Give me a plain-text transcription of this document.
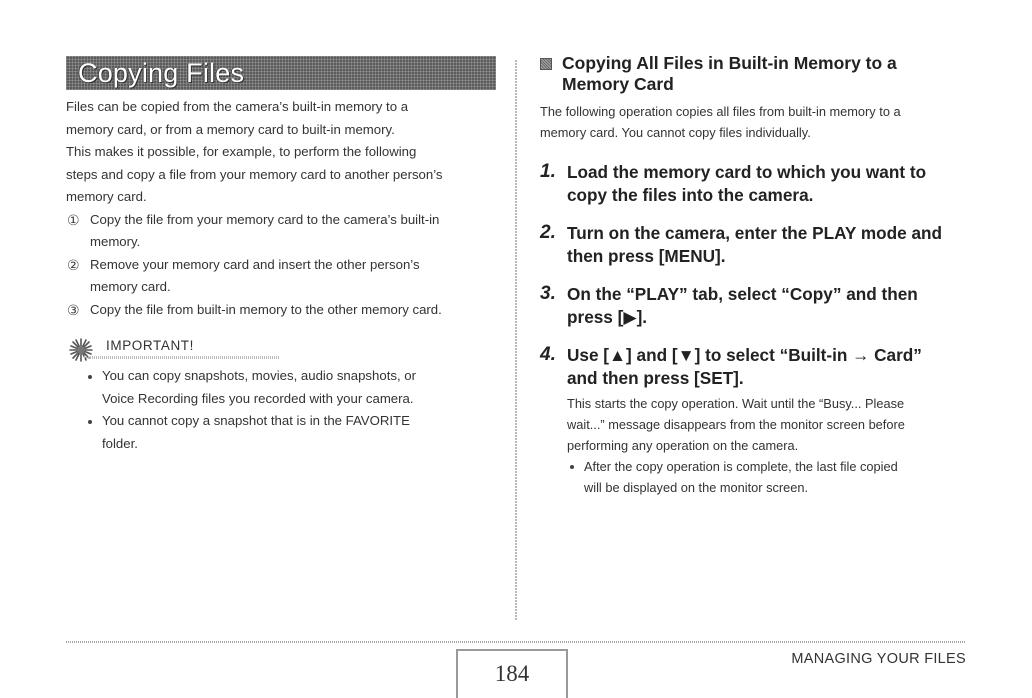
Copying Files

Files can be copied from the camera’s built-in memory to a

memory card, or from a memory card to built-in memory.

This makes it possible, for example, to perform the following

steps and copy a file from your memory card to another person’s

memory card.

① Copy the file from your memory card to the camera’s built-in
memory.
② Remove your memory card and insert the other person’s
memory card.
③ Copy the file from built-in memory to the other memory card.
IMPORTANT!
You can copy snapshots, movies, audio snapshots, or
Voice Recording files you recorded with your camera.
You cannot copy a snapshot that is in the FAVORITE
folder.
Copying All Files in Built-in Memory to a
Memory Card
The following operation copies all files from built-in memory to a
memory card. You cannot copy files individually.
1. Load the memory card to which you want to
copy the files into the camera.
2. Turn on the camera, enter the PLAY mode and
then press [MENU].
3. On the “PLAY” tab, select “Copy” and then
press [▶].
4. Use [▲] and [▼] to select “Built-in → Card”
and then press [SET].
This starts the copy operation. Wait until the “Busy... Please
wait...” message disappears from the monitor screen before
performing any operation on the camera.
After the copy operation is complete, the last file copied
will be displayed on the monitor screen.
184
MANAGING YOUR FILES
